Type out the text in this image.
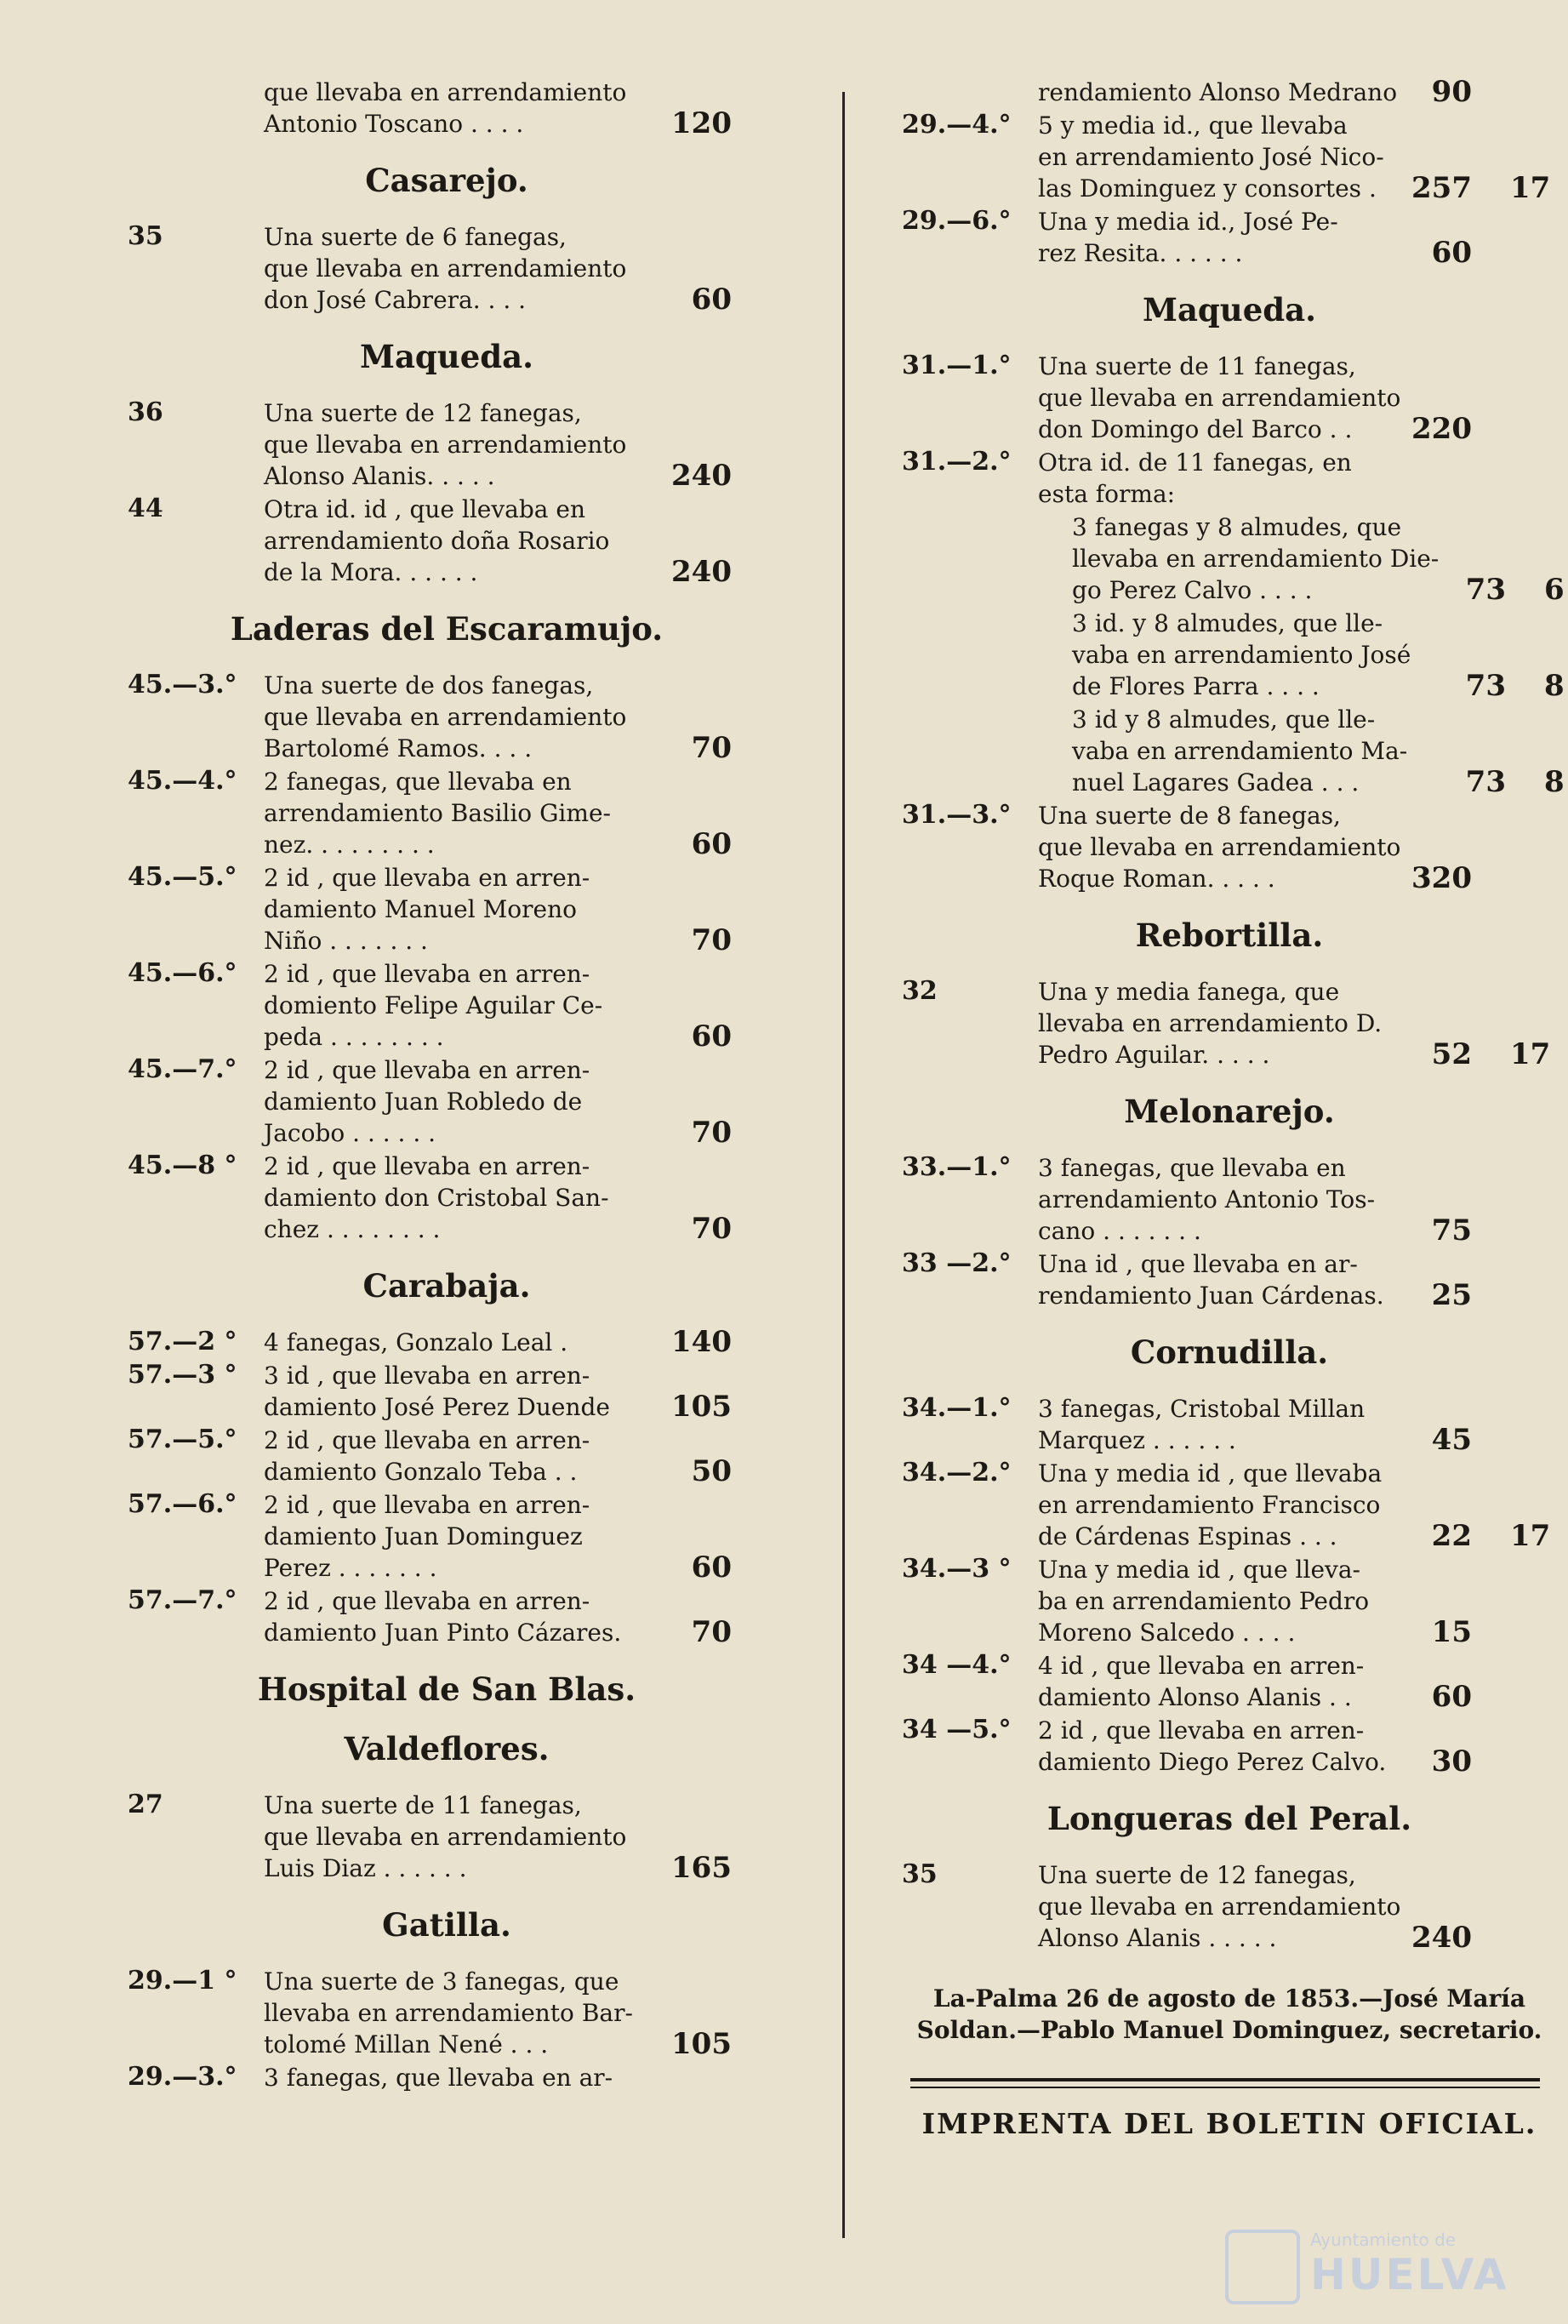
que llevaba en arrendamiento

Antonio Toscano . . . .	120
Casarejo.
35	Una suerte de 6 fanegas,

que llevaba en arrendamiento

don José Cabrera. . . .	60
Maqueda.
36	Una suerte de 12 fanegas,

que llevaba en arrendamiento

Alonso Alanis. . . . .	240
44	Otra id. id , que llevaba en

arrendamiento doña Rosario

de la Mora. . . . . .	240
Laderas del Escaramujo.
45.—3.° Una suerte de dos fanegas,

que llevaba en arrendamiento

Bartolomé Ramos. . . .	70
45.—4.° 2 fanegas, que llevaba en

arrendamiento Basilio Gime-

nez. . . . . . . . .	60
45.—5.° 2 id , que llevaba en arren-

damiento Manuel Moreno

Niño . . . . . . .	70
45.—6.° 2 id , que llevaba en arren-

domiento Felipe Aguilar Ce-

peda . . . . . . . .	60
45.—7.° 2 id , que llevaba en arren-

damiento Juan Robledo de

Jacobo . . . . . .	70
45.—8 ° 2 id , que llevaba en arren-

damiento don Cristobal San-

chez . . . . . . . .	70
Carabaja.
57.—2 ° 4 fanegas, Gonzalo Leal .	140
57.—3 ° 3 id , que llevaba en arren-

damiento José Perez Duende	105
57.—5.° 2 id , que llevaba en arren-

damiento Gonzalo Teba . .	50
57.—6.° 2 id , que llevaba en arren-

damiento Juan Dominguez

Perez . . . . . . .	60
57.—7.° 2 id , que llevaba en arren-

damiento Juan Pinto Cázares.	70
Hospital de San Blas.
Valdeflores.
27	Una suerte de 11 fanegas,

que llevaba en arrendamiento

Luis Diaz . . . . . .	165
Gatilla.
29.—1 ° Una suerte de 3 fanegas, que

llevaba en arrendamiento Bar-

tolomé Millan Nené . . .	105
29.—3.° 3 fanegas, que llevaba en ar-

rendamiento Alonso Medrano	90
29.—4.° 5 y media id., que llevaba

en arrendamiento José Nico-

las Dominguez y consortes .	257 17
29.—6.° Una y media id., José Pe-

rez Resita. . . . . .	60
Maqueda.
31.—1.° Una suerte de 11 fanegas,

que llevaba en arrendamiento

don Domingo del Barco . .	220
31.—2.° Otra id. de 11 fanegas, en

esta forma:

3 fanegas y 8 almudes, que

llevaba en arrendamiento Die-

go Perez Calvo . . . .	73 6

3 id. y 8 almudes, que lle-

vaba en arrendamiento José

de Flores Parra . . . .	73 8

3 id y 8 almudes, que lle-

vaba en arrendamiento Ma-

nuel Lagares Gadea . . .	73 8
31.—3.° Una suerte de 8 fanegas,

que llevaba en arrendamiento

Roque Roman. . . . .	320
Rebortilla.
32	Una y media fanega, que

llevaba en arrendamiento D.

Pedro Aguilar. . . . .	52 17
Melonarejo.
33.—1.° 3 fanegas, que llevaba en

arrendamiento Antonio Tos-

cano . . . . . . .	75
33 —2.° Una id , que llevaba en ar-

rendamiento Juan Cárdenas.	25
Cornudilla.
34.—1.° 3 fanegas, Cristobal Millan

Marquez . . . . . .	45
34.—2.° Una y media id , que llevaba

en arrendamiento Francisco

de Cárdenas Espinas . . .	22 17
34.—3 ° Una y media id , que lleva-

ba en arrendamiento Pedro

Moreno Salcedo . . . .	15
34 —4.° 4 id , que llevaba en arren-

damiento Alonso Alanis . .	60
34 —5.° 2 id , que llevaba en arren-

damiento Diego Perez Calvo.	30
Longueras del Peral.
35	Una suerte de 12 fanegas,

que llevaba en arrendamiento

Alonso Alanis . . . . .	240
La-Palma 26 de agosto de 1853.—José María
Soldan.—Pablo Manuel Dominguez, secretario.
IMPRENTA DEL BOLETIN OFICIAL.
Ayuntamiento de
HUELVA
